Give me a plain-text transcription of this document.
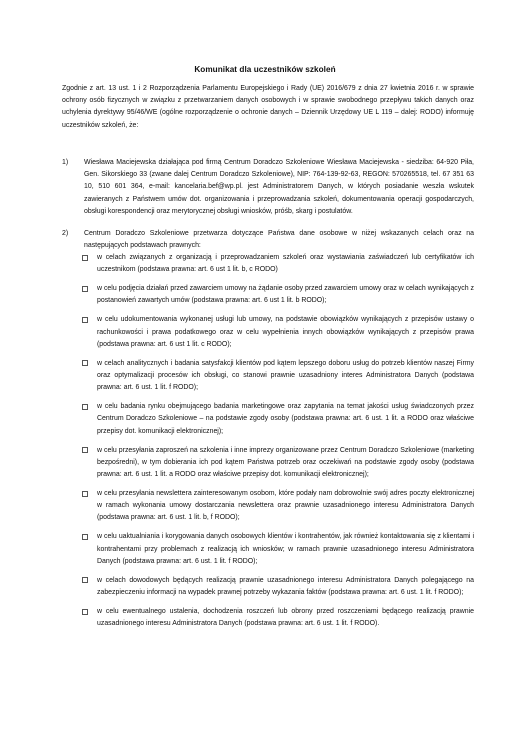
Komunikat dla uczestników szkoleń
Zgodnie z art. 13 ust. 1 i 2 Rozporządzenia Parlamentu Europejskiego i Rady (UE) 2016/679 z dnia 27 kwietnia 2016 r. w sprawie ochrony osób fizycznych w związku z przetwarzaniem danych osobowych i w sprawie swobodnego przepływu takich danych oraz uchylenia dyrektywy 95/46/WE (ogólne rozporządzenie o ochronie danych – Dziennik Urzędowy UE L 119 – dalej: RODO) informuję uczestników szkoleń, że:
1)	Wiesława Maciejewska działająca pod firmą Centrum Doradczo Szkoleniowe Wiesława Maciejewska - siedziba: 64-920 Piła, Gen. Sikorskiego 33 (zwane dalej Centrum Doradczo Szkoleniowe), NIP: 764-139-92-63, REGON: 570265518, tel. 67 351 63 10, 510 601 364, e-mail: kancelaria.bef@wp.pl. jest Administratorem Danych, w których posiadanie weszła wskutek zawieranych z Państwem umów dot. organizowania i przeprowadzania szkoleń, dokumentowania operacji gospodarczych, obsługi korespondencji oraz merytorycznej obsługi wniosków, próśb, skarg i postulatów.
2)	Centrum Doradczo Szkoleniowe przetwarza dotyczące Państwa dane osobowe w niżej wskazanych celach oraz na następujących podstawach prawnych:
w celach związanych z organizacją i przeprowadzaniem szkoleń oraz wystawiania zaświadczeń lub certyfikatów ich uczestnikom (podstawa prawna: art. 6 ust 1 lit. b, c RODO)
w celu podjęcia działań przed zawarciem umowy na żądanie osoby przed zawarciem umowy oraz w celach wynikających z postanowień zawartych umów (podstawa prawna: art. 6 ust 1 lit. b RODO);
w celu udokumentowania wykonanej usługi lub umowy, na podstawie obowiązków wynikających z przepisów ustawy o rachunkowości i prawa podatkowego oraz w celu wypełnienia innych obowiązków wynikających z przepisów prawa (podstawa prawna: art. 6 ust 1 lit. c RODO);
w celach analitycznych i badania satysfakcji klientów pod kątem lepszego doboru usług do potrzeb klientów naszej Firmy oraz optymalizacji procesów ich obsługi, co stanowi prawnie uzasadniony interes Administratora Danych (podstawa prawna: art. 6 ust. 1 lit. f RODO);
w celu badania rynku obejmującego badania marketingowe oraz zapytania na temat jakości usług świadczonych przez Centrum Doradczo Szkoleniowe – na podstawie zgody osoby (podstawa prawna: art. 6 ust. 1 lit. a RODO oraz właściwe przepisy dot. komunikacji elektronicznej);
w celu przesyłania zaproszeń na szkolenia i inne imprezy organizowane przez Centrum Doradczo Szkoleniowe (marketing bezpośredni), w tym dobierania ich pod kątem Państwa potrzeb oraz oczekiwań na podstawie zgody osoby (podstawa prawna: art. 6 ust. 1 lit. a RODO oraz właściwe przepisy dot. komunikacji elektronicznej);
w celu przesyłania newslettera zainteresowanym osobom, które podały nam dobrowolnie swój adres poczty elektronicznej w ramach wykonania umowy dostarczania newslettera oraz prawnie uzasadnionego interesu Administratora Danych (podstawa prawna: art. 6 ust. 1 lit. b, f RODO);
w celu uaktualniania i korygowania danych osobowych klientów i kontrahentów, jak również kontaktowania się z klientami i kontrahentami przy problemach z realizacją ich wniosków; w ramach prawnie uzasadnionego interesu Administratora Danych (podstawa prawna: art. 6 ust. 1 lit. f RODO);
w celach dowodowych będących realizacją prawnie uzasadnionego interesu Administratora Danych polegającego na zabezpieczeniu informacji na wypadek prawnej potrzeby wykazania faktów (podstawa prawna: art. 6 ust. 1 lit. f RODO);
w celu ewentualnego ustalenia, dochodzenia roszczeń lub obrony przed roszczeniami będącego realizacją prawnie uzasadnionego interesu Administratora Danych (podstawa prawna: art. 6 ust. 1 lit. f RODO).
